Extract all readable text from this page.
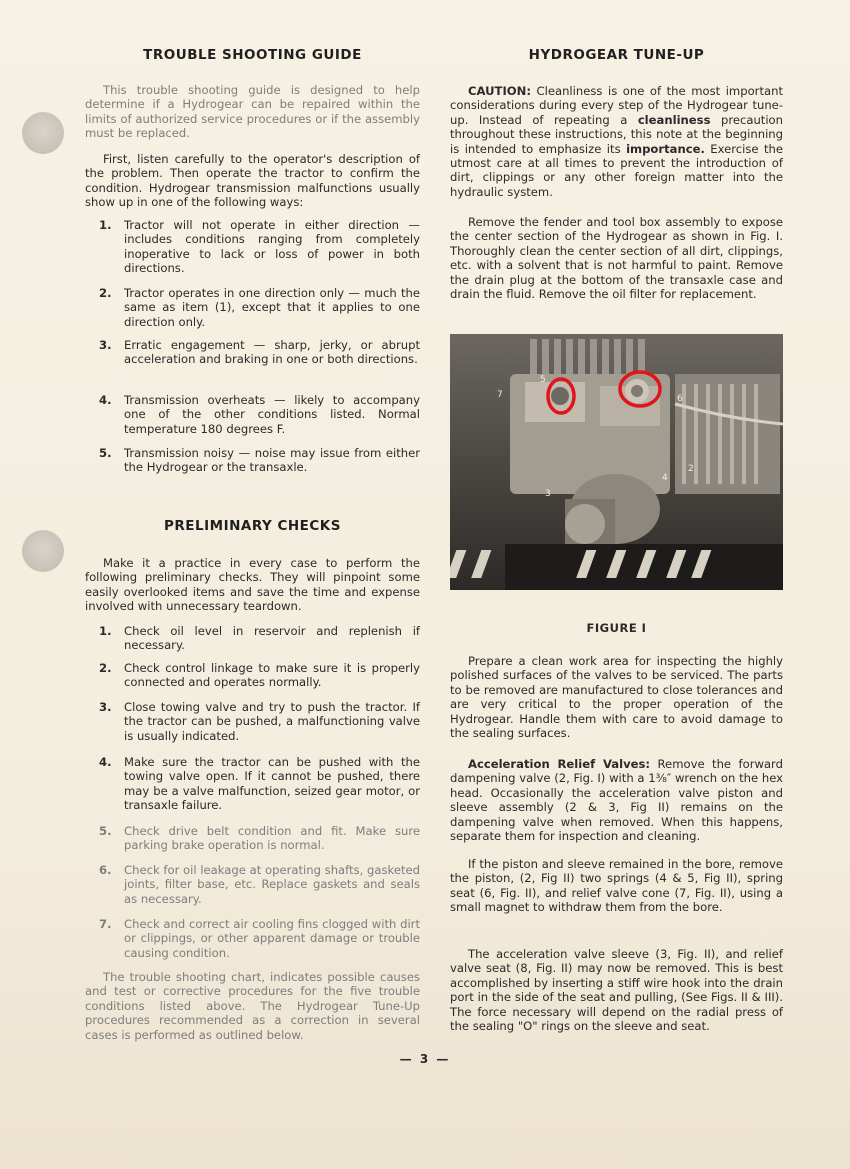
TROUBLE SHOOTING GUIDE

This trouble shooting guide is designed to help determine if a Hydrogear can be repaired within the limits of authorized service procedures or if the assembly must be replaced.

First, listen carefully to the operator's description of the problem. Then operate the tractor to confirm the condition. Hydrogear transmission malfunctions usually show up in one of the following ways:

1.	Tractor will not operate in either direction — includes conditions ranging from completely inoperative to lack or loss of power in both directions.
2.	Tractor operates in one direction only — much the same as item (1), except that it applies to one direction only.
3.	Erratic engagement — sharp, jerky, or abrupt acceleration and braking in one or both directions.
4.	Transmission overheats — likely to accompany one of the other conditions listed. Normal temperature 180 degrees F.
5.	Transmission noisy — noise may issue from either the Hydrogear or the transaxle.
PRELIMINARY CHECKS

Make it a practice in every case to perform the following preliminary checks. They will pinpoint some easily overlooked items and save the time and expense involved with unnecessary teardown.

1.	Check oil level in reservoir and replenish if necessary.
2.	Check control linkage to make sure it is properly connected and operates normally.
3.	Close towing valve and try to push the tractor. If the tractor can be pushed, a malfunctioning valve is usually indicated.
4.	Make sure the tractor can be pushed with the towing valve open. If it cannot be pushed, there may be a valve malfunction, seized gear motor, or transaxle failure.
5.	Check drive belt condition and fit. Make sure parking brake operation is normal.
6.	Check for oil leakage at operating shafts, gasketed joints, filter base, etc. Replace gaskets and seals as necessary.
7.	Check and correct air cooling fins clogged with dirt or clippings, or other apparent damage or trouble causing condition.

The trouble shooting chart, indicates possible causes and test or corrective procedures for the five trouble conditions listed above. The Hydrogear Tune-Up procedures recommended as a correction in several cases is performed as outlined below.

HYDROGEAR TUNE-UP

CAUTION: Cleanliness is one of the most important considerations during every step of the Hydrogear tune-up. Instead of repeating a cleanliness precaution throughout these instructions, this note at the beginning is intended to emphasize its importance. Exercise the utmost care at all times to prevent the introduction of dirt, clippings or any other foreign matter into the hydraulic system.

Remove the fender and tool box assembly to expose the center section of the Hydrogear as shown in Fig. I. Thoroughly clean the center section of all dirt, clippings, etc. with a solvent that is not harmful to paint. Remove the drain plug at the bottom of the transaxle case and drain the fluid. Remove the oil filter for replacement.

5
7	6
2
4
3
FIGURE I

Prepare a clean work area for inspecting the highly polished surfaces of the valves to be serviced. The parts to be removed are manufactured to close tolerances and are very critical to the proper operation of the Hydrogear. Handle them with care to avoid damage to the sealing surfaces.

Acceleration Relief Valves: Remove the forward dampening valve (2, Fig. I) with a 1⅜″ wrench on the hex head. Occasionally the acceleration valve piston and sleeve assembly (2 & 3, Fig II) remains on the dampening valve when removed. When this happens, separate them for inspection and cleaning.

If the piston and sleeve remained in the bore, remove the piston, (2, Fig II) two springs (4 & 5, Fig II), spring seat (6, Fig. II), and relief valve cone (7, Fig. II), using a small magnet to withdraw them from the bore.

The acceleration valve sleeve (3, Fig. II), and relief valve seat (8, Fig. II) may now be removed. This is best accomplished by inserting a stiff wire hook into the drain port in the side of the seat and pulling, (See Figs. II & III). The force necessary will depend on the radial press of the sealing "O" rings on the sleeve and seat.

— 3 —
